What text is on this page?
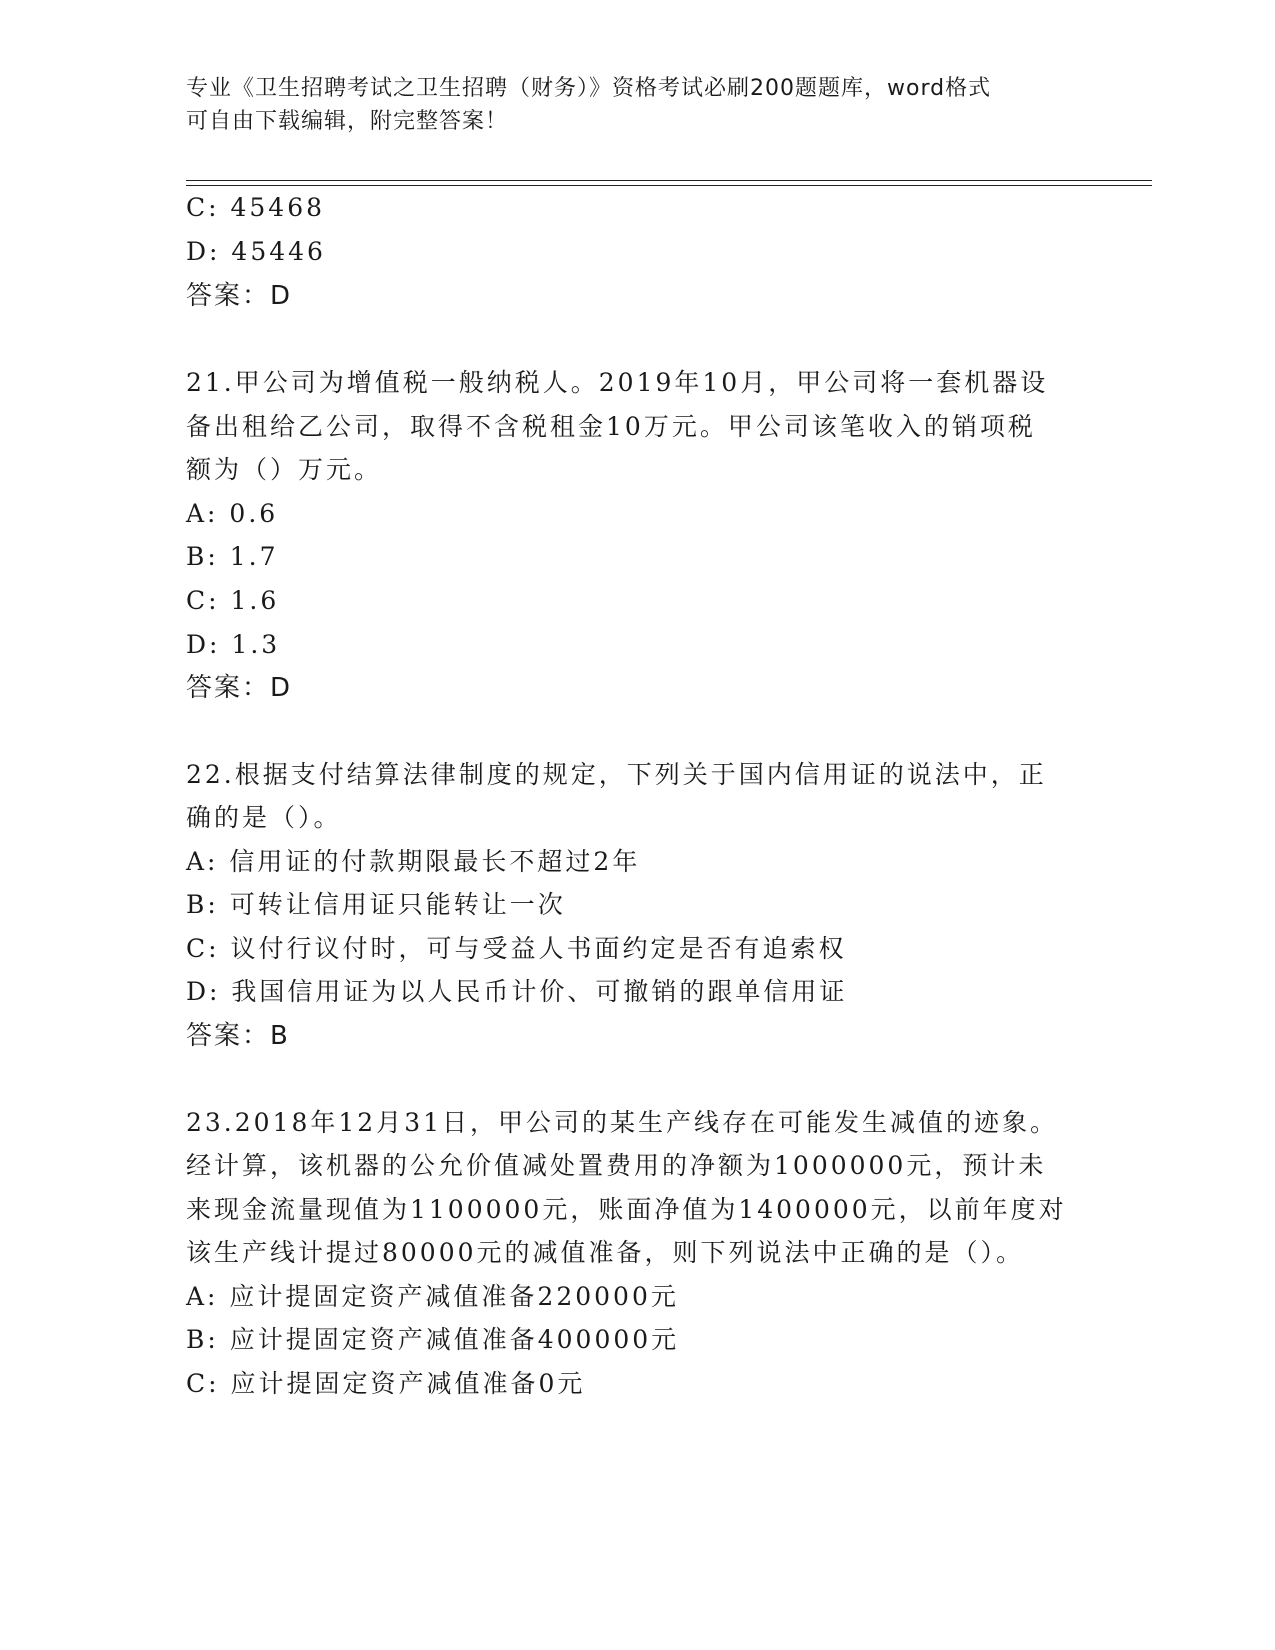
专业《卫生招聘考试之卫生招聘（财务）》资格考试必刷200题题库，word格式
可自由下载编辑，附完整答案！
C: 45468
D: 45446
答案：D
21.甲公司为增值税一般纳税人。2019年10月，甲公司将一套机器设
备出租给乙公司，取得不含税租金10万元。甲公司该笔收入的销项税
额为（）万元。
A: 0.6
B: 1.7
C: 1.6
D: 1.3
答案：D
22.根据支付结算法律制度的规定，下列关于国内信用证的说法中，正
确的是（）。
A: 信用证的付款期限最长不超过2年
B: 可转让信用证只能转让一次
C: 议付行议付时，可与受益人书面约定是否有追索权
D: 我国信用证为以人民币计价、可撤销的跟单信用证
答案：B
23.2018年12月31日，甲公司的某生产线存在可能发生减值的迹象。
经计算，该机器的公允价值减处置费用的净额为1000000元，预计未
来现金流量现值为1100000元，账面净值为1400000元，以前年度对
该生产线计提过80000元的减值准备，则下列说法中正确的是（）。
A: 应计提固定资产减值准备220000元
B: 应计提固定资产减值准备400000元
C: 应计提固定资产减值准备0元
